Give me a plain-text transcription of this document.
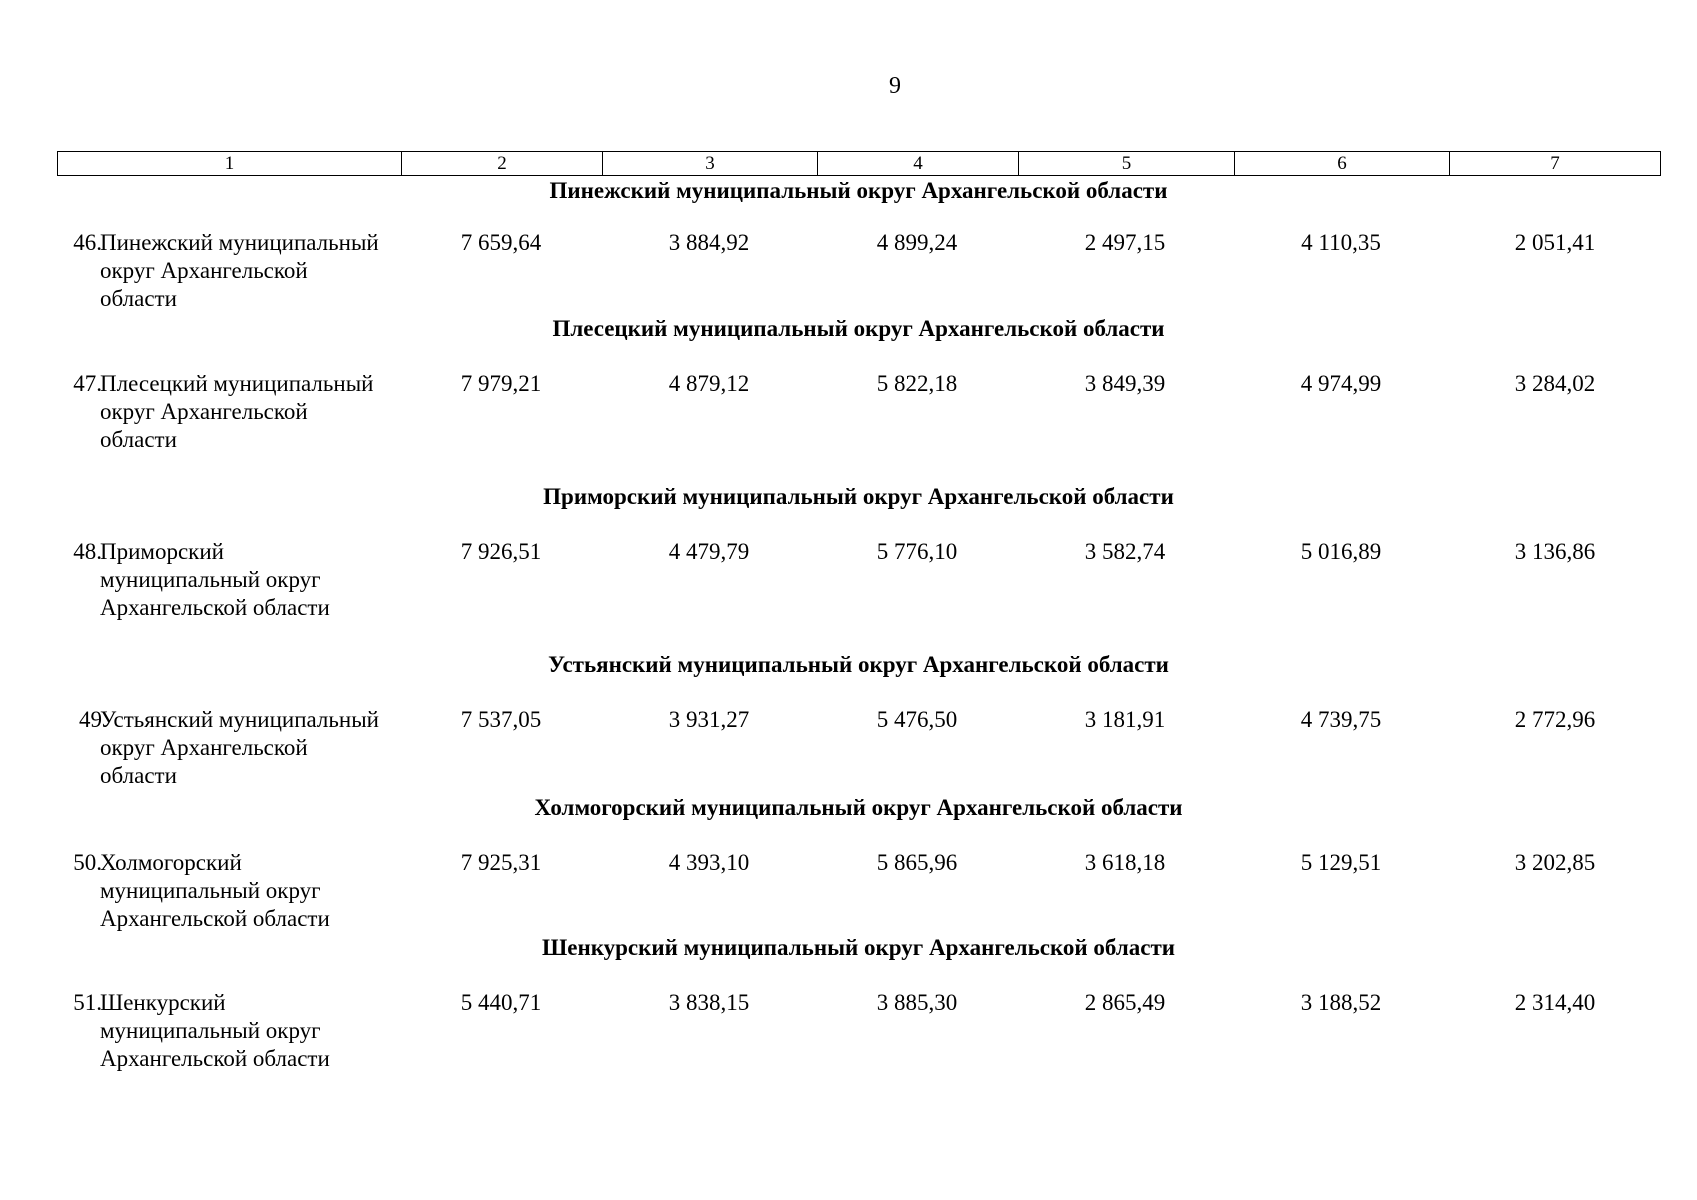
9
1	2	3	4	5	6	7
Пинежский муниципальный округ Архангельской области
46.
Пинежский муниципальный
округ Архангельской
области
7 659,64	3 884,92	4 899,24	2 497,15	4 110,35	2 051,41
Плесецкий муниципальный округ Архангельской области
47.
Плесецкий муниципальный
округ Архангельской
области
7 979,21	4 879,12	5 822,18	3 849,39	4 974,99	3 284,02
Приморский муниципальный округ Архангельской области
48.
Приморский
муниципальный округ
Архангельской области
7 926,51	4 479,79	5 776,10	3 582,74	5 016,89	3 136,86
Устьянский муниципальный округ Архангельской области
49
Устьянский муниципальный
округ Архангельской
области
7 537,05	3 931,27	5 476,50	3 181,91	4 739,75	2 772,96
Холмогорский муниципальный округ Архангельской области
50.
Холмогорский
муниципальный округ
Архангельской области
7 925,31	4 393,10	5 865,96	3 618,18	5 129,51	3 202,85
Шенкурский муниципальный округ Архангельской области
51.
Шенкурский
муниципальный округ
Архангельской области
5 440,71	3 838,15	3 885,30	2 865,49	3 188,52	2 314,40
